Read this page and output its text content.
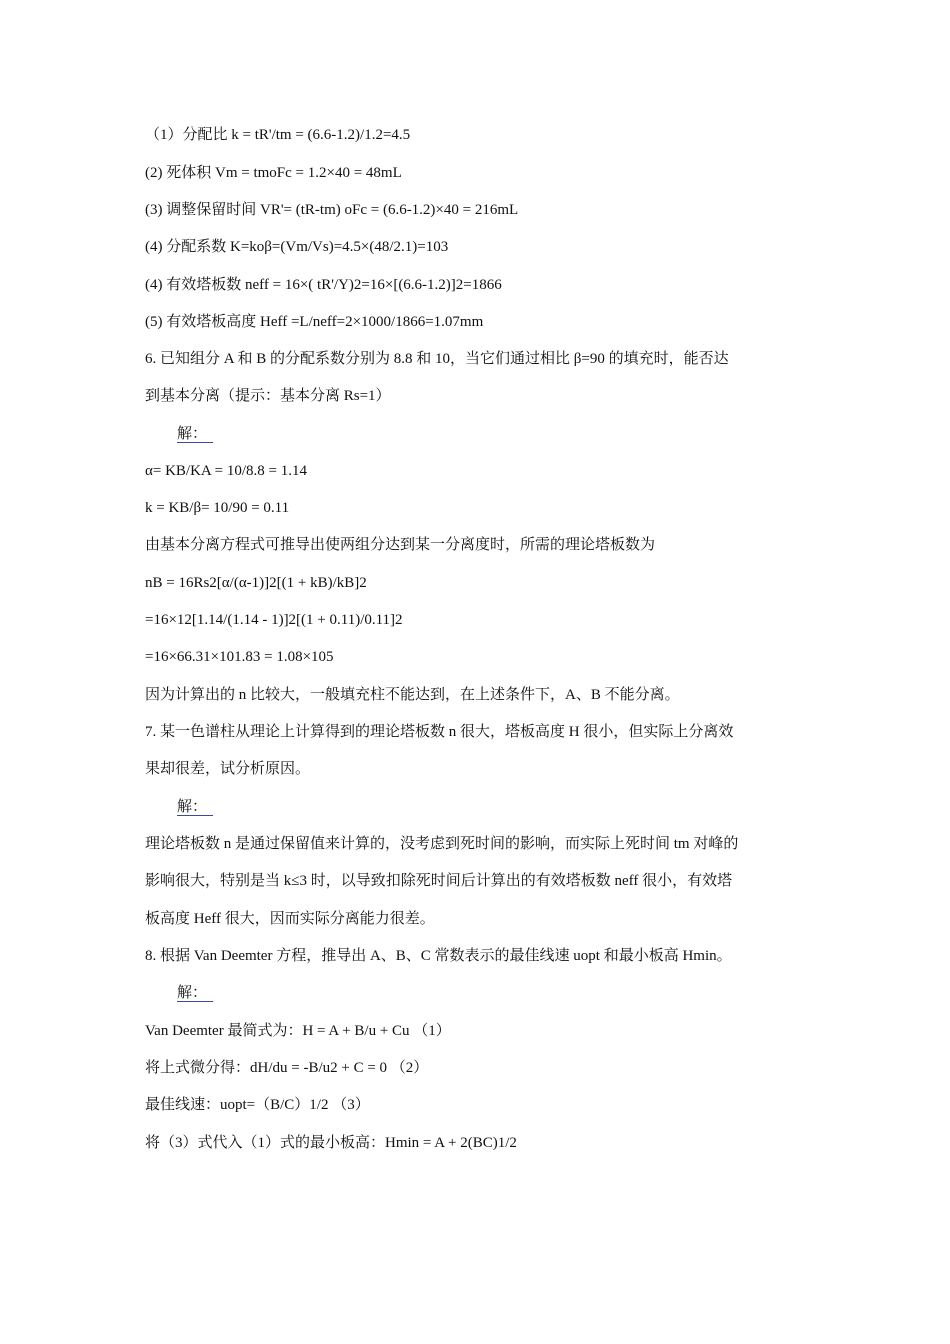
（1）分配比 k = tR'/tm = (6.6-1.2)/1.2=4.5
(2) 死体积 Vm = tmoFc = 1.2×40 = 48mL
(3) 调整保留时间 VR'= (tR-tm) oFc = (6.6-1.2)×40 = 216mL
(4) 分配系数 K=koβ=(Vm/Vs)=4.5×(48/2.1)=103
(4) 有效塔板数 neff = 16×( tR'/Y)2=16×[(6.6-1.2)]2=1866
(5) 有效塔板高度 Heff =L/neff=2×1000/1866=1.07mm
6. 已知组分 A 和 B 的分配系数分别为 8.8 和 10，当它们通过相比 β=90 的填充时，能否达
到基本分离（提示：基本分离 Rs=1）
解：
α= KB/KA = 10/8.8 = 1.14
k = KB/β= 10/90 = 0.11
由基本分离方程式可推导出使两组分达到某一分离度时，所需的理论塔板数为
nB = 16Rs2[α/(α-1)]2[(1 + kB)/kB]2
=16×12[1.14/(1.14 - 1)]2[(1 + 0.11)/0.11]2
=16×66.31×101.83 = 1.08×105
因为计算出的 n 比较大，一般填充柱不能达到，在上述条件下，A、B 不能分离。
7. 某一色谱柱从理论上计算得到的理论塔板数 n 很大，塔板高度 H 很小，但实际上分离效
果却很差，试分析原因。
解：
理论塔板数 n 是通过保留值来计算的，没考虑到死时间的影响，而实际上死时间 tm 对峰的
影响很大，特别是当 k≤3 时，以导致扣除死时间后计算出的有效塔板数 neff 很小，有效塔
板高度 Heff 很大，因而实际分离能力很差。
8. 根据 Van Deemter 方程，推导出 A、B、C 常数表示的最佳线速 uopt 和最小板高 Hmin。
解：
Van Deemter 最简式为：H = A + B/u + Cu （1）
将上式微分得：dH/du = -B/u2 + C = 0 （2）
最佳线速：uopt=（B/C）1/2 （3）
将（3）式代入（1）式的最小板高：Hmin = A + 2(BC)1/2
